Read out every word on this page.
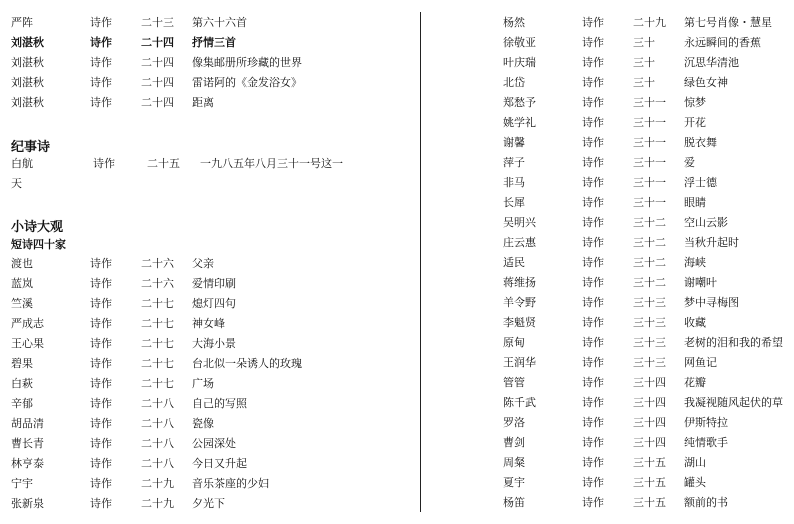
严阵	诗作	二十三 第六十六首
刘湛秋	诗作	二十四 抒情三首
刘湛秋	诗作	二十四 像集邮册所珍藏的世界
刘湛秋	诗作	二十四 雷诺阿的《金发浴女》
刘湛秋	诗作	二十四 距离
纪事诗
白航	诗作	二十五 一九八五年八月三十一号这一
天
小诗大观
短诗四十家
渡也	诗作	二十六 父亲
蓝岚	诗作	二十六 爱情印刷
竺溪	诗作	二十七 熄灯四句
严成志	诗作	二十七 神女峰
王心果	诗作	二十七 大海小景
碧果	诗作	二十七 台北似一朵诱人的玫瑰
白萩	诗作	二十七 广场
辛郁	诗作	二十八 自己的写照
胡品清	诗作	二十八 瓷像
曹长青	诗作	二十八 公园深处
林亨泰	诗作	二十八 今日又升起
宁宇	诗作	二十九 音乐茶座的少妇
张新泉	诗作	二十九 夕光下
杨然	诗作	二十九 第七号肖像・慧星
徐敬亚	诗作	三十	永远瞬间的香蕉
叶庆瑞	诗作	三十	沉思华清池
北岱	诗作	三十	绿色女神
郑愁予	诗作	三十一 惊梦
姚学礼	诗作	三十一 开花
谢馨	诗作	三十一 脱衣舞
萍子	诗作	三十一 爱
非马	诗作	三十一 浮士德
长犀	诗作	三十一 眼睛
吴明兴	诗作	三十二 空山云影
庄云惠	诗作	三十二 当秋升起时
适民	诗作	三十二 海峡
蒋维扬	诗作	三十二 谢嘲叶
羊令野	诗作	三十三 梦中寻梅图
李魁贤	诗作	三十三 收藏
原甸	诗作	三十三 老树的泪和我的希望
王润华	诗作	三十三 网鱼记
管管	诗作	三十四 花瓣
陈千武	诗作	三十四 我凝视随风起伏的草
罗洛	诗作	三十四 伊斯特拉
曹剑	诗作	三十四 纯情歌手
周粲	诗作	三十五 湖山
夏宇	诗作	三十五 罐头
杨笛	诗作	三十五 额前的书
